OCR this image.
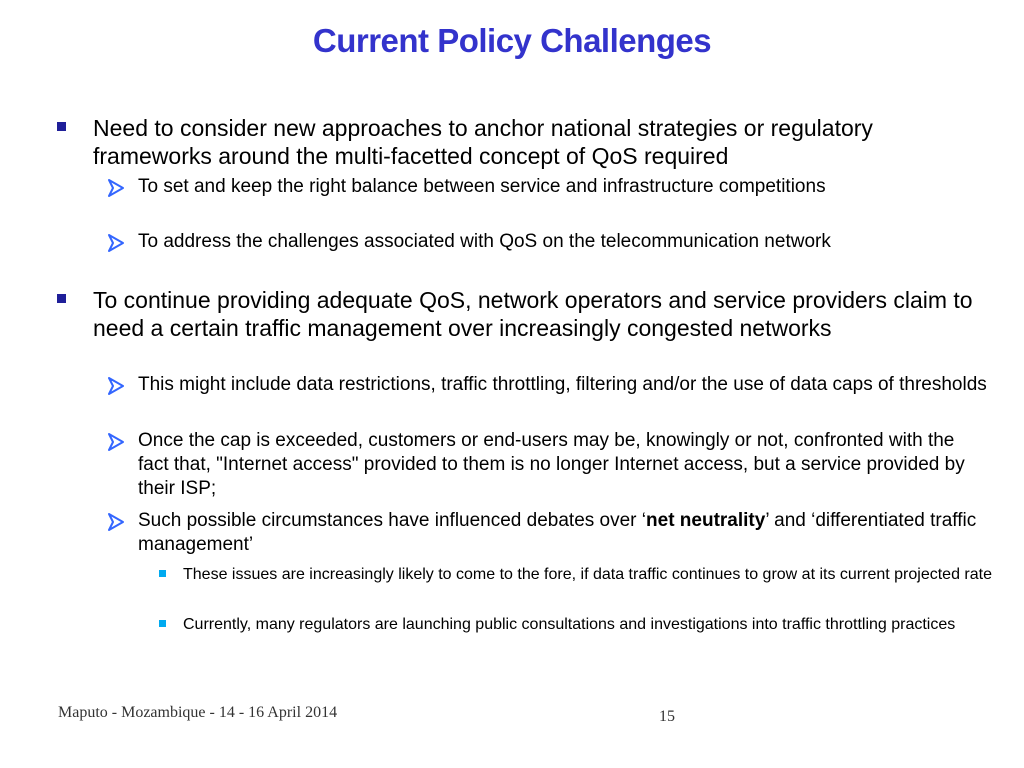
Current Policy Challenges
Need to consider new approaches to anchor national strategies or regulatory frameworks around the multi-facetted concept of QoS required
To set and keep the right balance between service and infrastructure competitions
To address the challenges associated with QoS on the telecommunication network
To continue providing adequate QoS, network operators and service providers claim to need a certain traffic management over increasingly congested networks
This might include data restrictions, traffic throttling, filtering and/or the use of data caps of thresholds
Once the cap is exceeded, customers or end-users may be, knowingly or not, confronted with the fact that, "Internet access" provided to them is no longer Internet access, but a service provided by their ISP;
Such possible circumstances have influenced debates over ‘net neutrality’ and ‘differentiated traffic management’
These issues are increasingly likely to come to the fore, if data traffic continues to grow at its current projected rate
Currently, many regulators are launching public consultations and investigations into traffic throttling practices
Maputo - Mozambique - 14 - 16 April 2014	15
